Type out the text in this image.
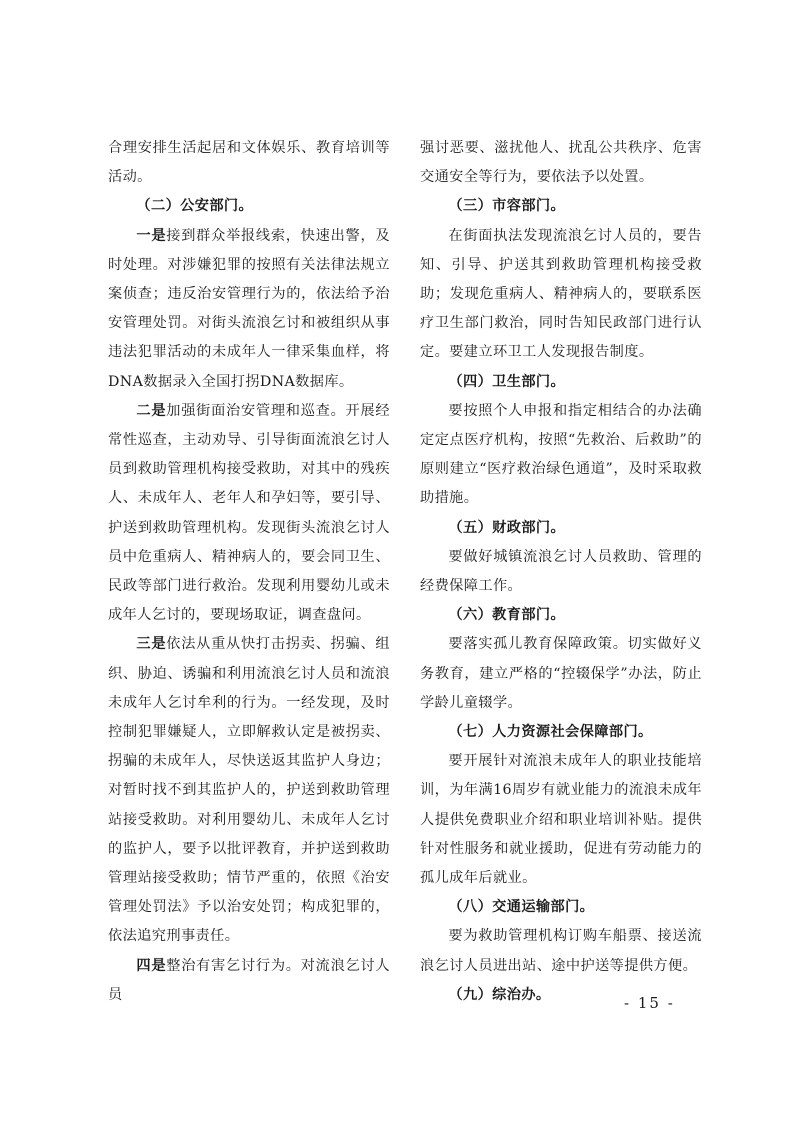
合理安排生活起居和文体娱乐、教育培训等活动。

（二）公安部门。

一是接到群众举报线索，快速出警，及时处理。对涉嫌犯罪的按照有关法律法规立案侦查；违反治安管理行为的，依法给予治安管理处罚。对街头流浪乞讨和被组织从事违法犯罪活动的未成年人一律采集血样，将DNA数据录入全国打拐DNA数据库。

二是加强街面治安管理和巡查。开展经常性巡查，主动劝导、引导街面流浪乞讨人员到救助管理机构接受救助，对其中的残疾人、未成年人、老年人和孕妇等，要引导、护送到救助管理机构。发现街头流浪乞讨人员中危重病人、精神病人的，要会同卫生、民政等部门进行救治。发现利用婴幼儿或未成年人乞讨的，要现场取证，调查盘问。

三是依法从重从快打击拐卖、拐骗、组织、胁迫、诱骗和利用流浪乞讨人员和流浪未成年人乞讨牟利的行为。一经发现，及时控制犯罪嫌疑人，立即解救认定是被拐卖、拐骗的未成年人，尽快送返其监护人身边；对暂时找不到其监护人的，护送到救助管理站接受救助。对利用婴幼儿、未成年人乞讨的监护人，要予以批评教育，并护送到救助管理站接受救助；情节严重的，依照《治安管理处罚法》予以治安处罚；构成犯罪的，依法追究刑事责任。

四是整治有害乞讨行为。对流浪乞讨人员

强讨恶要、滋扰他人、扰乱公共秩序、危害交通安全等行为，要依法予以处置。

（三）市容部门。

在街面执法发现流浪乞讨人员的，要告知、引导、护送其到救助管理机构接受救助；发现危重病人、精神病人的，要联系医疗卫生部门救治，同时告知民政部门进行认定。要建立环卫工人发现报告制度。

（四）卫生部门。

要按照个人申报和指定相结合的办法确定定点医疗机构，按照“先救治、后救助”的原则建立“医疗救治绿色通道”，及时采取救助措施。

（五）财政部门。

要做好城镇流浪乞讨人员救助、管理的经费保障工作。

（六）教育部门。

要落实孤儿教育保障政策。切实做好义务教育，建立严格的“控辍保学”办法，防止学龄儿童辍学。

（七）人力资源社会保障部门。

要开展针对流浪未成年人的职业技能培训，为年满16周岁有就业能力的流浪未成年人提供免费职业介绍和职业培训补贴。提供针对性服务和就业援助，促进有劳动能力的孤儿成年后就业。

（八）交通运输部门。

要为救助管理机构订购车船票、接送流浪乞讨人员进出站、途中护送等提供方便。

（九）综治办。	- 15 -
